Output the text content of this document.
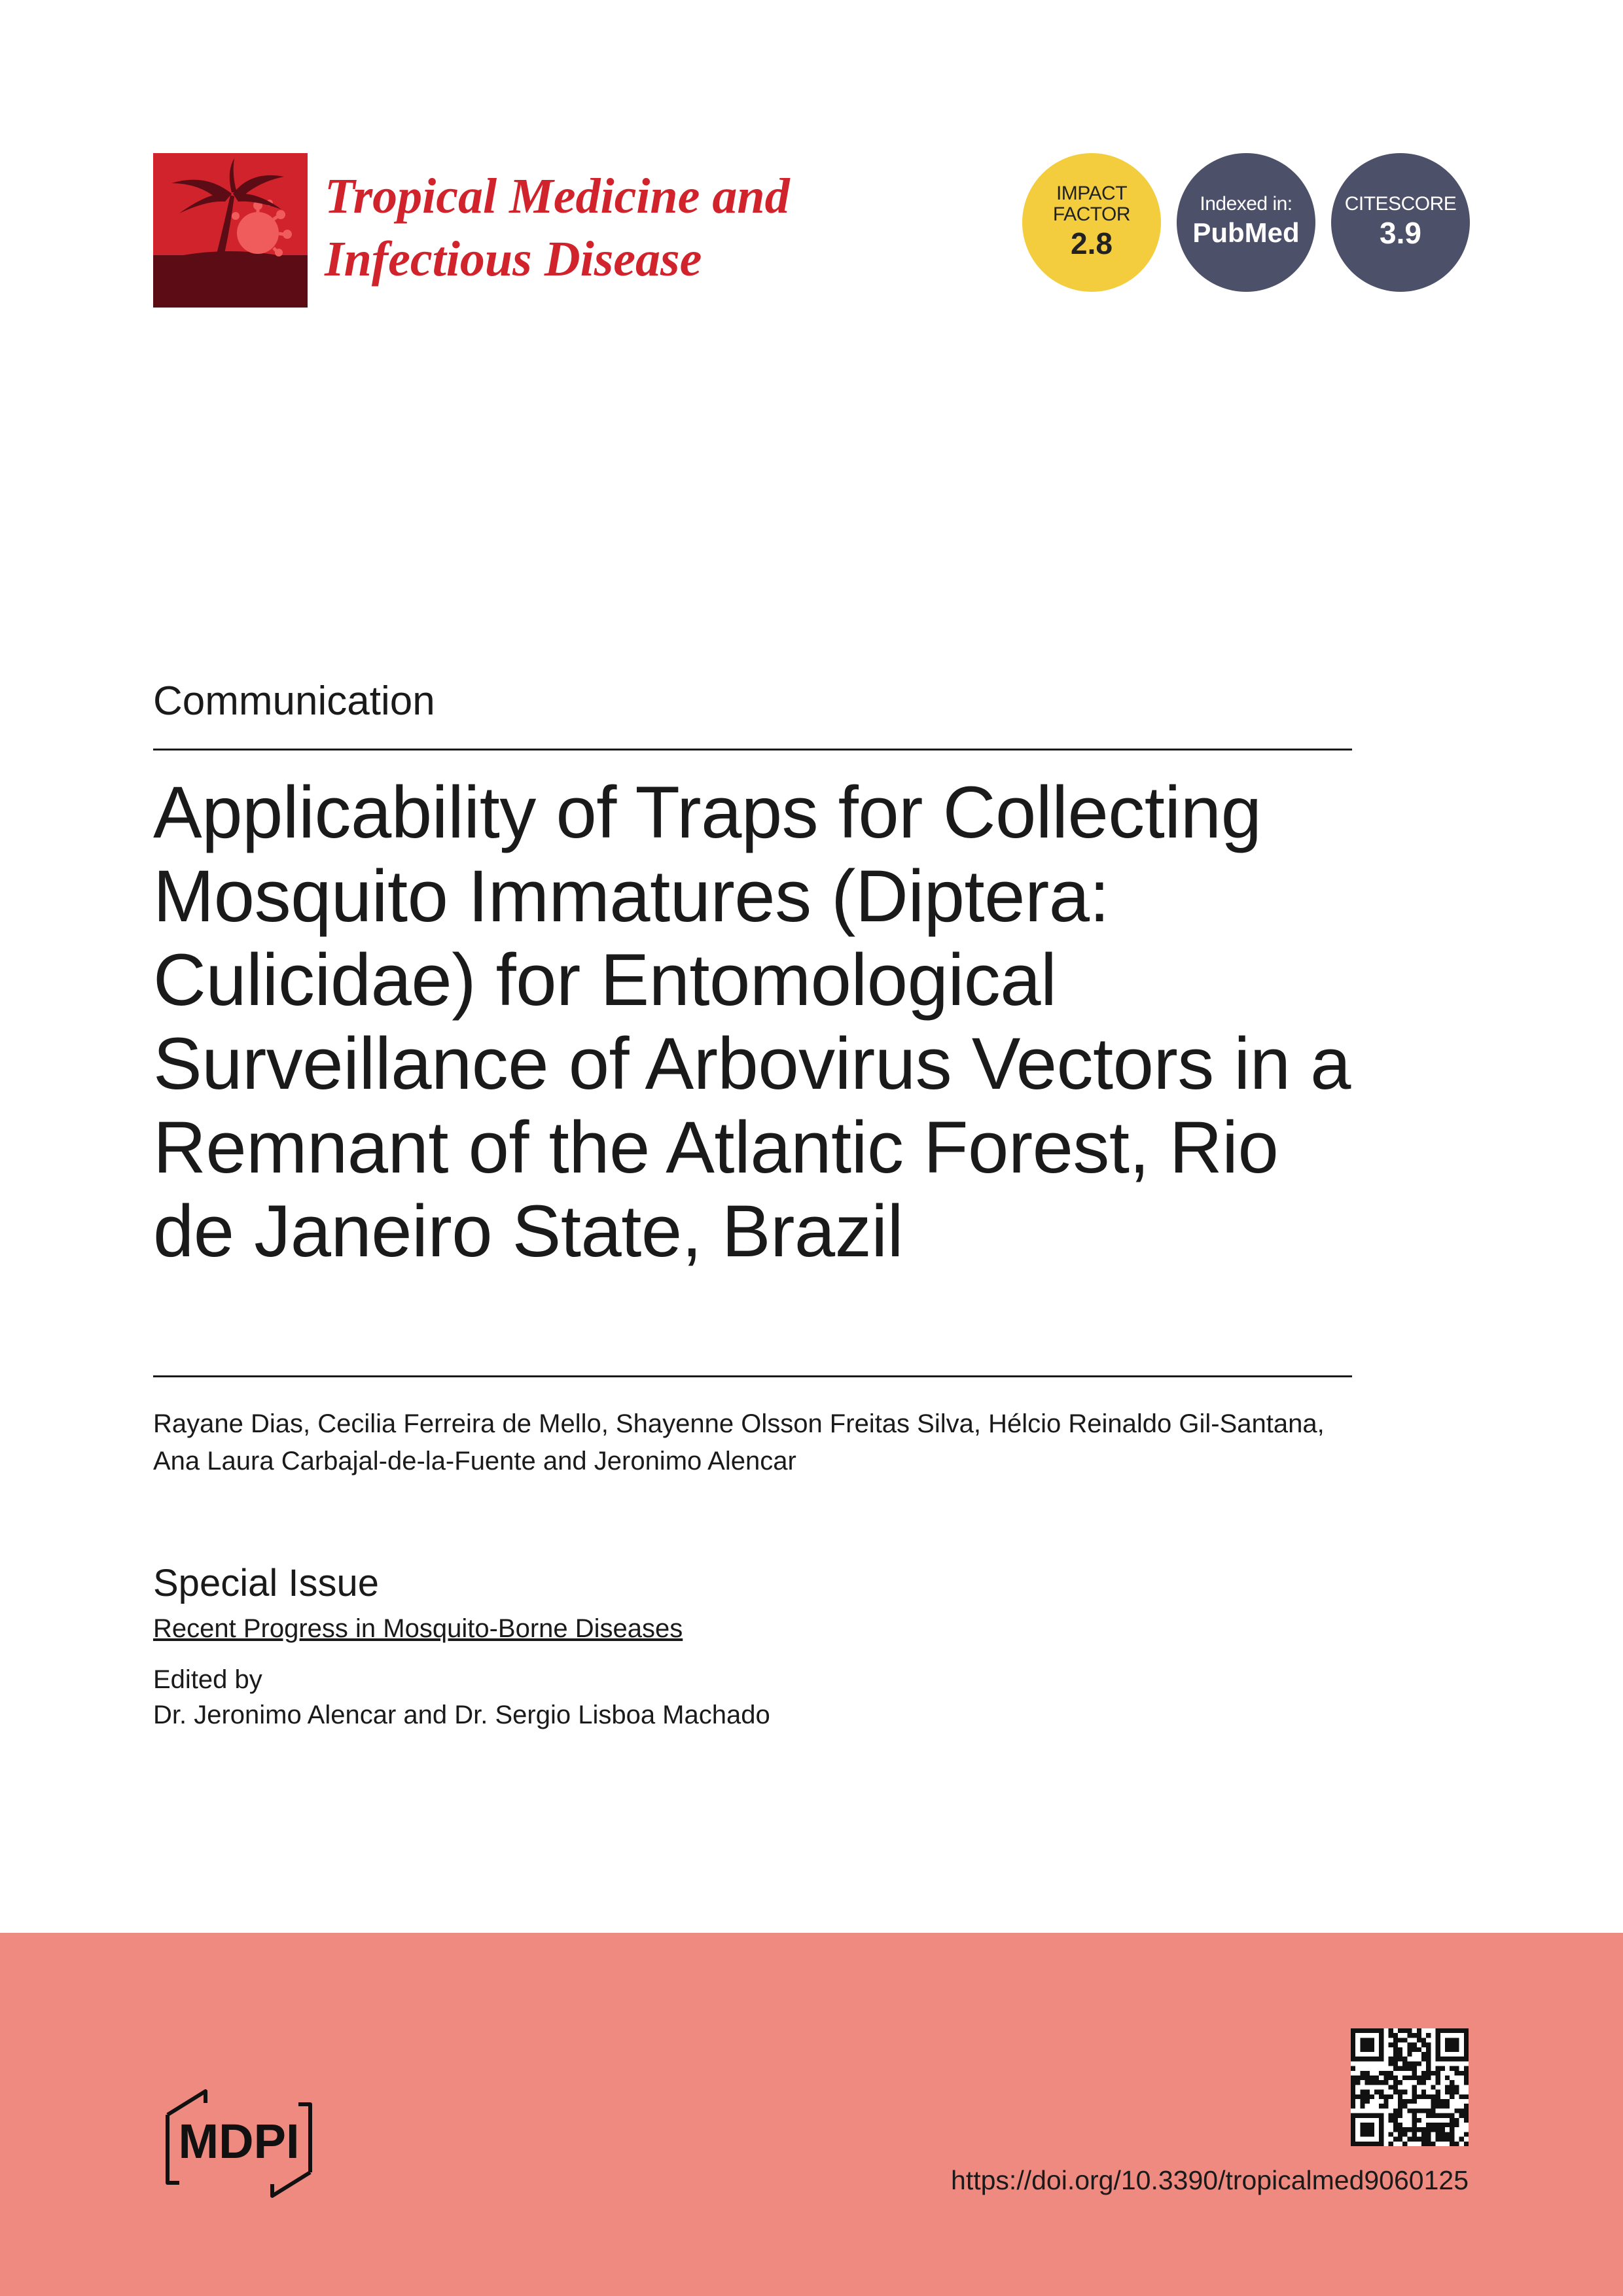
Tropical Medicine and
Infectious Disease
IMPACT
FACTOR
2.8
Indexed in:
PubMed
CITESCORE
3.9
Communication
Applicability of Traps for Collecting Mosquito Immatures (Diptera: Culicidae) for Entomological Surveillance of Arbovirus Vectors in a Remnant of the Atlantic Forest, Rio de Janeiro State, Brazil
Rayane Dias, Cecilia Ferreira de Mello, Shayenne Olsson Freitas Silva, Hélcio Reinaldo Gil-Santana,
Ana Laura Carbajal-de-la-Fuente and Jeronimo Alencar
Special Issue
Recent Progress in Mosquito-Borne Diseases
Edited by
Dr. Jeronimo Alencar and Dr. Sergio Lisboa Machado
MDPI
https://doi.org/10.3390/tropicalmed9060125
